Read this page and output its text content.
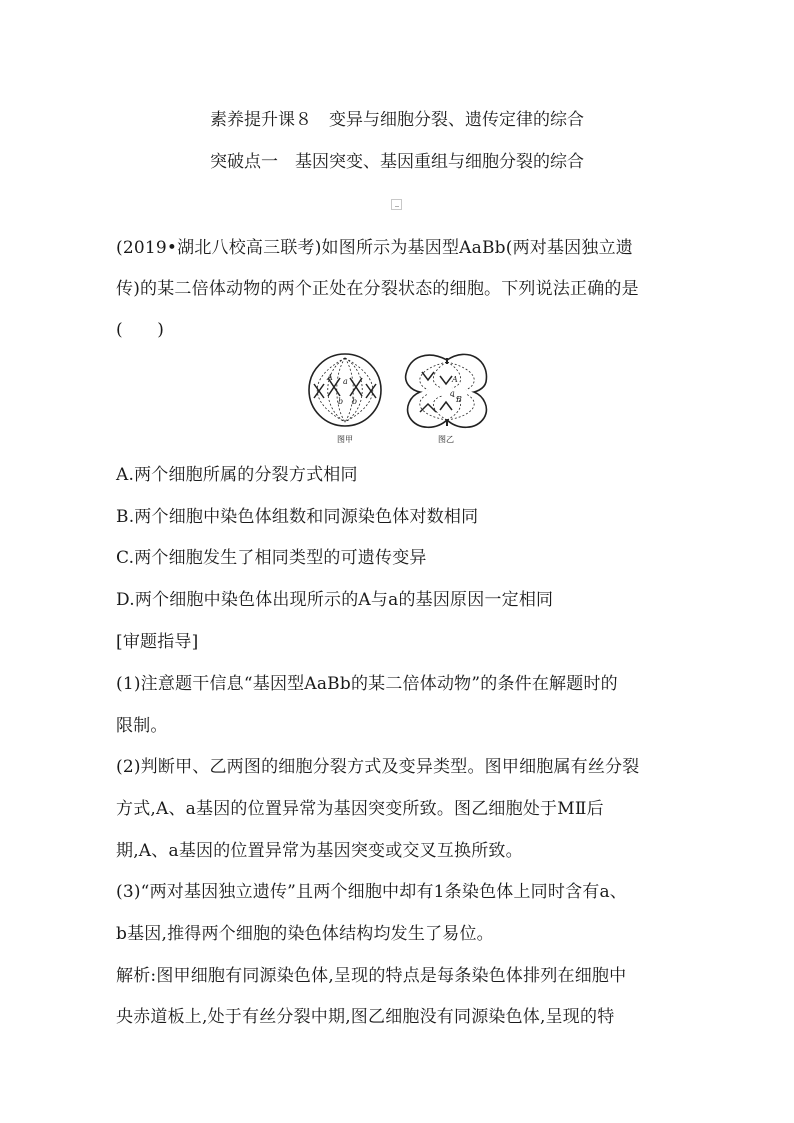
素养提升课８　变异与细胞分裂、遗传定律的综合
突破点一　基因突变、基因重组与细胞分裂的综合
(2019•湖北八校高三联考)如图所示为基因型AaBb(两对基因独立遗
传)的某二倍体动物的两个正处在分裂状态的细胞。下列说法正确的是
(　　)
A a
b b
图甲
A
a
B
图乙
A.两个细胞所属的分裂方式相同
B.两个细胞中染色体组数和同源染色体对数相同
C.两个细胞发生了相同类型的可遗传变异
D.两个细胞中染色体出现所示的A与a的基因原因一定相同
[审题指导]
(1)注意题干信息“基因型AaBb的某二倍体动物”的条件在解题时的
限制。
(2)判断甲、乙两图的细胞分裂方式及变异类型。图甲细胞属有丝分裂
方式,A、a基因的位置异常为基因突变所致。图乙细胞处于MⅡ后
期,A、a基因的位置异常为基因突变或交叉互换所致。
(3)“两对基因独立遗传”且两个细胞中却有1条染色体上同时含有a、
b基因,推得两个细胞的染色体结构均发生了易位。
解析:图甲细胞有同源染色体,呈现的特点是每条染色体排列在细胞中
央赤道板上,处于有丝分裂中期,图乙细胞没有同源染色体,呈现的特
